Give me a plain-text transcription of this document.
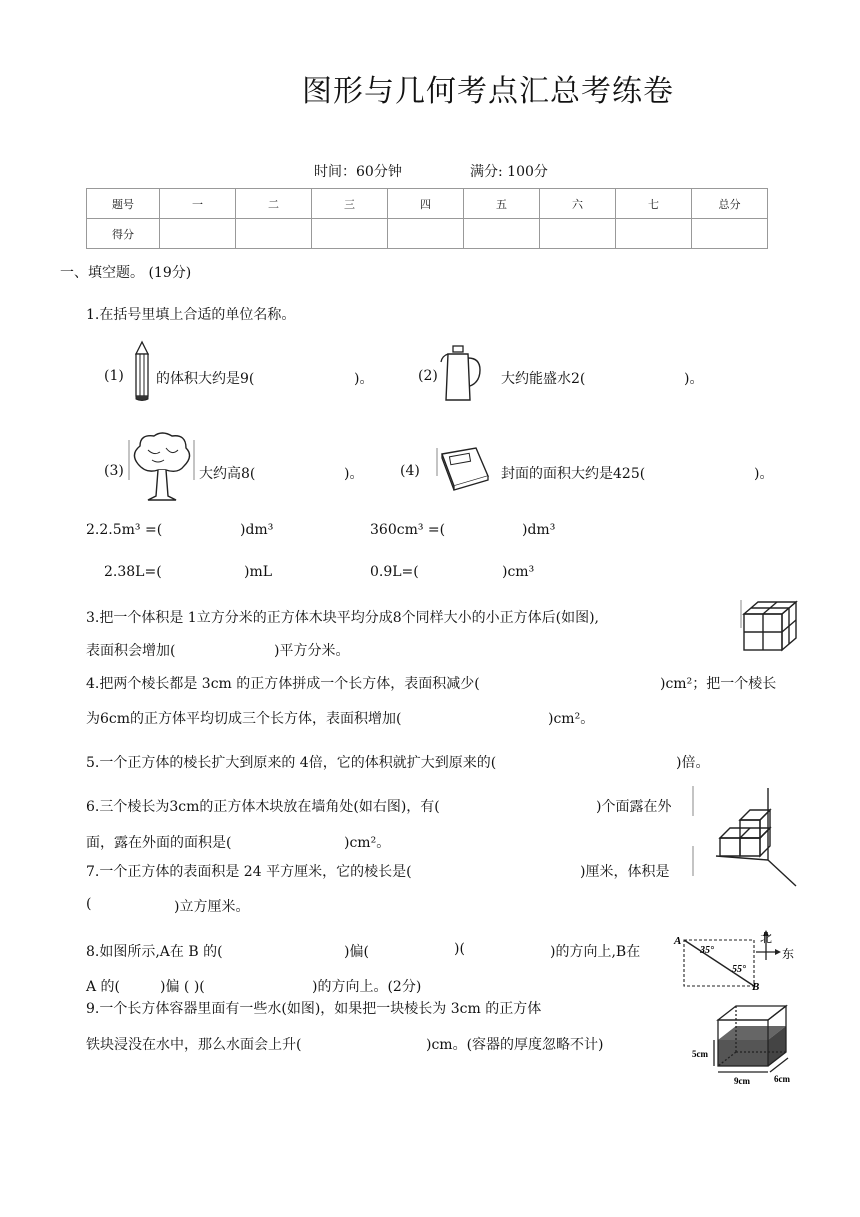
图形与几何考点汇总考练卷
时间：60分钟	满分: 100分
题号	一	二	三	四	五	六	七	总分
得分								
一、填空题。 (19分)
1.在括号里填上合适的单位名称。
(1) 的体积大约是9(	)。	(2)	大约能盛水2(	)。
(3)	大约高8(	)。	(4)	封面的面积大约是425(	)。
2.2.5m³ =(	)dm³	360cm³ =(	)dm³
2.38L=(	)mL	0.9L=(	)cm³
3.把一个体积是 1立方分米的正方体木块平均分成8个同样大小的小正方体后(如图),
表面积会增加(	)平方分米。
4.把两个棱长都是 3cm 的正方体拼成一个长方体，表面积减少(	)cm²；把一个棱长
为6cm的正方体平均切成三个长方体，表面积增加(	)cm²。
5.一个正方体的棱长扩大到原来的 4倍，它的体积就扩大到原来的(	)倍。
6.三个棱长为3cm的正方体木块放在墙角处(如右图)，有(	)个面露在外
面，露在外面的面积是(	)cm²。
7.一个正方体的表面积是 24 平方厘米，它的棱长是(	)厘米，体积是
(	)立方厘米。
8.如图所示,A在 B 的(	)偏(	)(	)的方向上,B在
A 的(	)偏 ( )(	)的方向上。(2分)
A
B
35°
55°
北
东
9.一个长方体容器里面有一些水(如图)，如果把一块棱长为 3cm 的正方体
铁块浸没在水中，那么水面会上升(	)cm。(容器的厚度忽略不计)
5cm
9cm	6cm
